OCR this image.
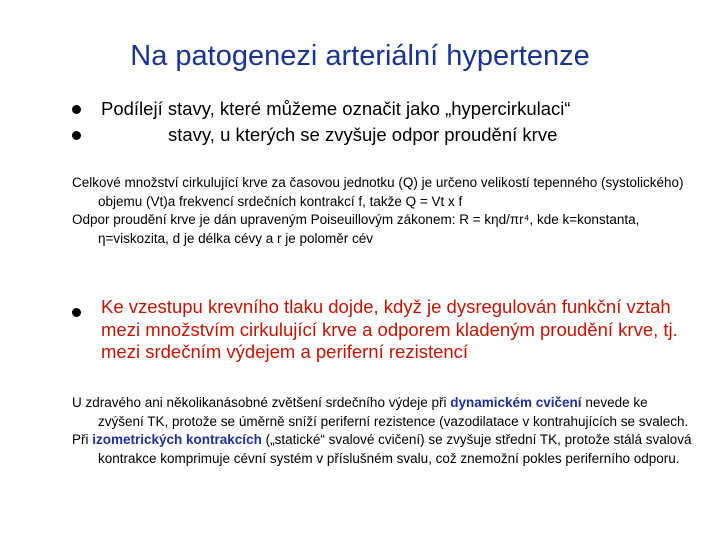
Na patogenezi arteriální hypertenze
Podílejí stavy, které můžeme označit jako „hypercirkulaci“
stavy, u kterých se zvyšuje odpor proudění krve

Celkové množství cirkulující krve za časovou jednotku (Q) je určeno velikostí tepenného (systolického) objemu (Vt)a frekvencí srdečních kontrakcí f, takže Q = Vt x f

Odpor proudění krve je dán upraveným Poiseuillovým zákonem: R = kηd/πr⁴, kde k=konstanta, η=viskozita, d je délka cévy a r je poloměr cév

Ke vzestupu krevního tlaku dojde, když je dysregulován funkční vztah mezi množstvím cirkulující krve a odporem kladeným proudění krve, tj. mezi srdečním výdejem a periferní rezistencí

U zdravého ani několikanásobné zvětšení srdečního výdeje při dynamickém cvičení nevede ke zvýšení TK, protože se úměrně sníží periferní rezistence (vazodilatace v kontrahujících se svalech.

Při izometrických kontrakcích („statické“ svalové cvičení) se zvyšuje střední TK, protože stálá svalová kontrakce komprimuje cévní systém v příslušném svalu, což znemožní pokles periferního odporu.
